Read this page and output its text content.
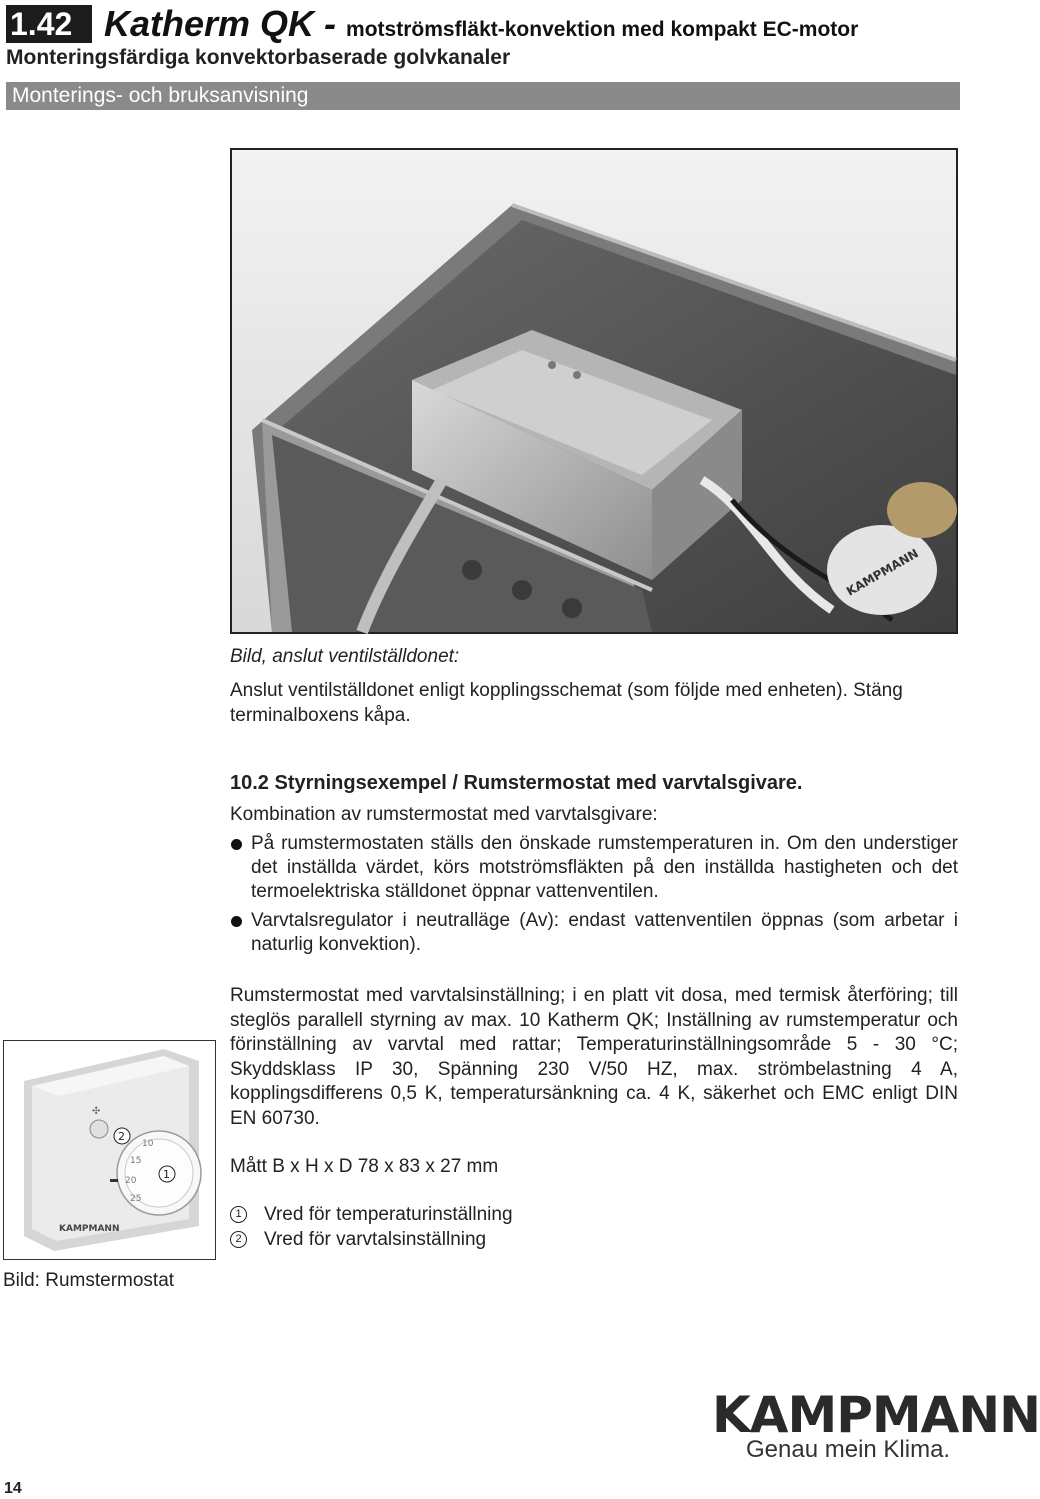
1.42 Katherm QK - motströmsfläkt-konvektion med kompakt EC-motor
Monteringsfärdiga konvektorbaserade golvkanaler
Monterings- och bruksanvisning
KAMPMANN
Bild, anslut ventilställdonet:
Anslut ventilställdonet enligt kopplingsschemat (som följde med enheten). Stäng terminalboxens kåpa.
10.2 Styrningsexempel / Rumstermostat med varvtalsgivare.
Kombination av rumstermostat med varvtalsgivare:
På rumstermostaten ställs den önskade rumstemperaturen in. Om den understiger det inställda värdet, körs motströmsfläkten på den inställda hastigheten och det termoelektriska ställdonet öppnar vattenventilen.
Varvtalsregulator i neutralläge (Av): endast vattenventilen öppnas (som arbetar i naturlig konvektion).
Rumstermostat med varvtalsinställning; i en platt vit dosa, med termisk återföring; till steglös parallell styrning av max. 10 Katherm QK; Inställning av rumstemperatur och förinställning av varvtal med rattar; Temperaturinställningsområde 5 - 30 °C; Skyddsklass IP 30, Spänning 230 V/50 HZ, max. strömbelastning 4 A, kopplingsdifferens 0,5 K, temperatursänkning ca. 4 K, säkerhet och EMC enligt DIN EN 60730.
Mått B x H x D 78 x 83 x 27 mm
1 Vred för temperaturinställning
2 Vred för varvtalsinställning
✣
10
15
20
25
2
1
KAMPMANN
Bild: Rumstermostat
KAMPMANN
Genau mein Klima.
14
